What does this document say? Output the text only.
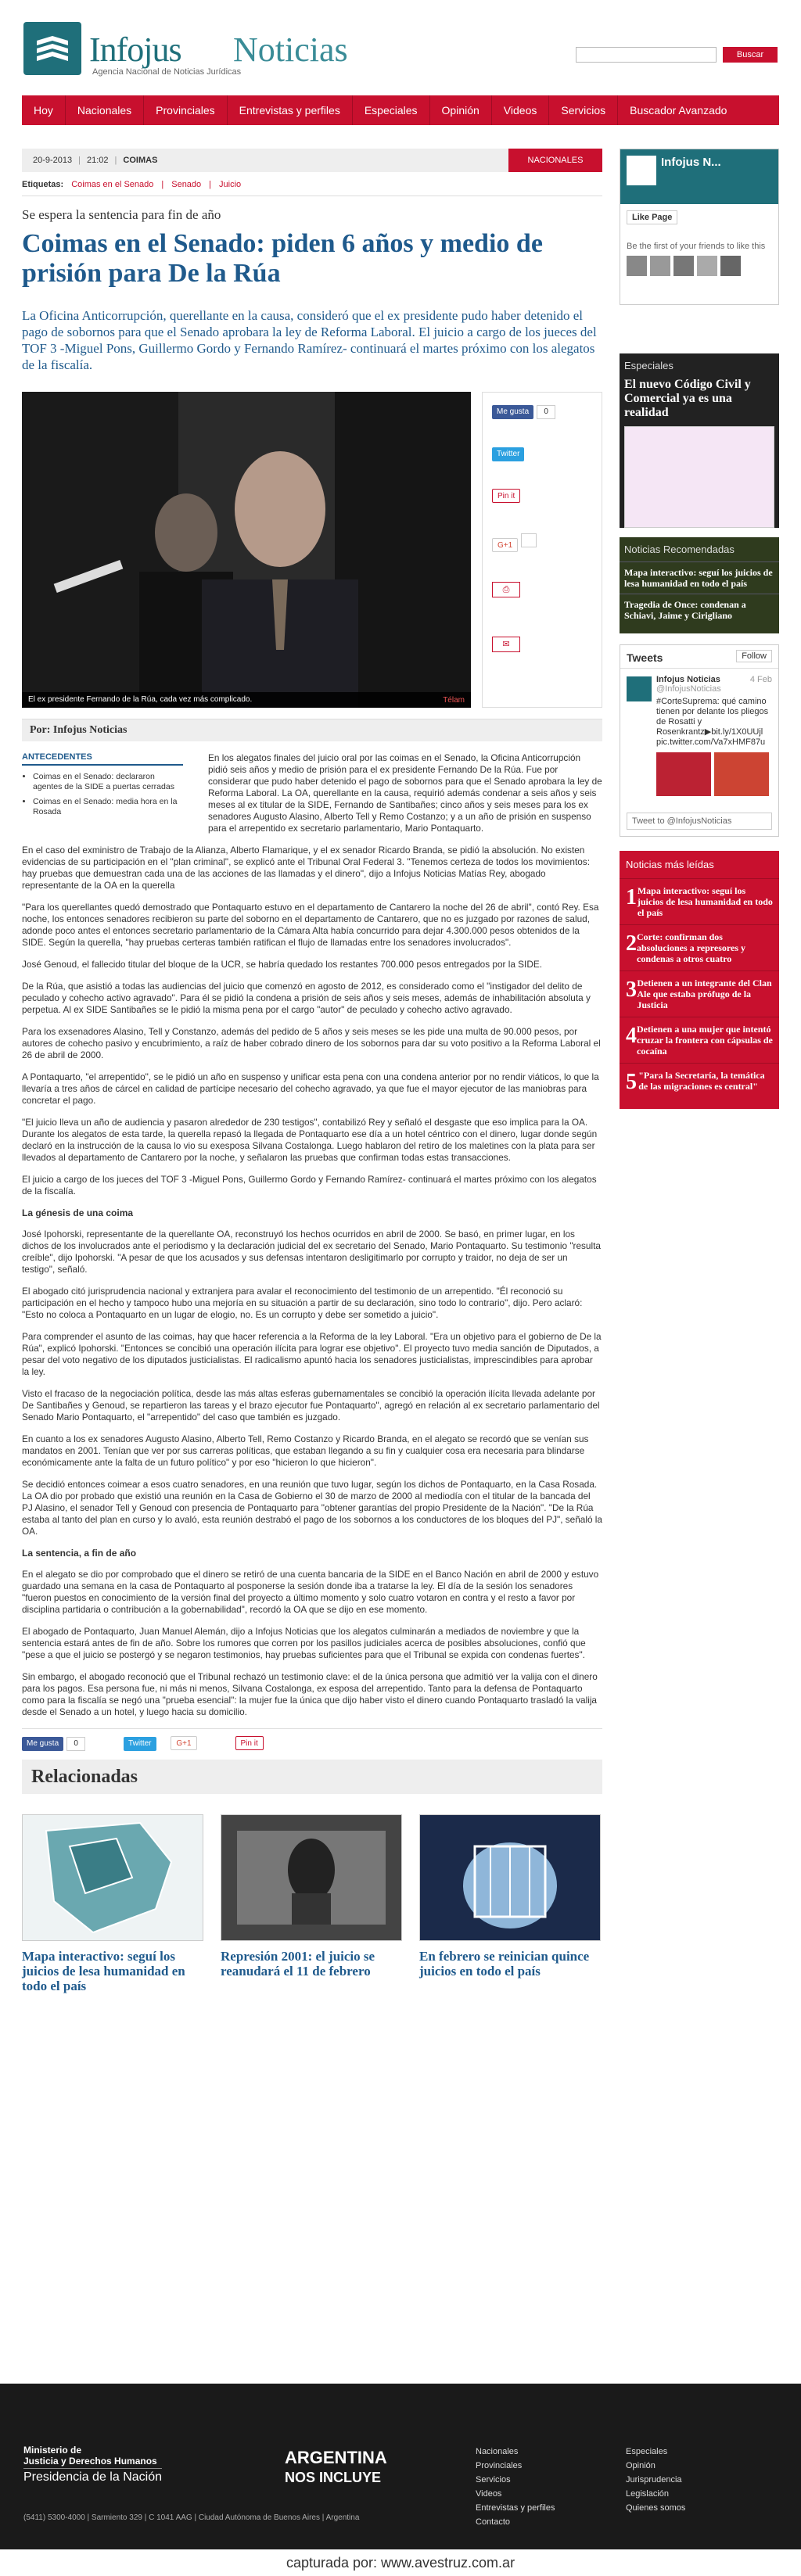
Infojus Noticias
Agencia Nacional de Noticias Jurídicas
Buscar
Hoy	Nacionales	Provinciales	Entrevistas y perfiles	Especiales	Opinión	Videos	Servicios	Buscador Avanzado
20-9-2013 | 21:02 | COIMAS	NACIONALES
Etiquetas: Coimas en el Senado | Senado | Juicio
Se espera la sentencia para fin de año
Coimas en el Senado: piden 6 años y medio de prisión para De la Rúa
La Oficina Anticorrupción, querellante en la causa, consideró que el ex presidente pudo haber detenido el pago de sobornos para que el Senado aprobara la ley de Reforma Laboral. El juicio a cargo de los jueces del TOF 3 -Miguel Pons, Guillermo Gordo y Fernando Ramírez- continuará el martes próximo con los alegatos de la fiscalía.
El ex presidente Fernando de la Rúa, cada vez más complicado.	Télam
Me gusta 0
Twitter
Pin it
G+1
⎙
✉
Por: Infojus Noticias
ANTECEDENTES
• Coimas en el Senado: declararon agentes de la SIDE a puertas cerradas
• Coimas en el Senado: media hora en la Rosada

En los alegatos finales del juicio oral por las coimas en el Senado, la Oficina Anticorrupción pidió seis años y medio de prisión para el ex presidente Fernando De la Rúa. Fue por considerar que pudo haber detenido el pago de sobornos para que el Senado aprobara la ley de Reforma Laboral. La OA, querellante en la causa, requirió además condenar a seis años y seis meses al ex titular de la SIDE, Fernando de Santibañes; cinco años y seis meses para los ex senadores Augusto Alasino, Alberto Tell y Remo Costanzo; y a un año de prisión en suspenso para el arrepentido ex secretario parlamentario, Mario Pontaquarto.

En el caso del exministro de Trabajo de la Alianza, Alberto Flamarique, y el ex senador Ricardo Branda, se pidió la absolución. No existen evidencias de su participación en el "plan criminal", se explicó ante el Tribunal Oral Federal 3. "Tenemos certeza de todos los movimientos: hay pruebas que demuestran cada una de las acciones de las llamadas y el dinero", dijo a Infojus Noticias Matías Rey, abogado representante de la OA en la querella

"Para los querellantes quedó demostrado que Pontaquarto estuvo en el departamento de Cantarero la noche del 26 de abril", contó Rey. Esa noche, los entonces senadores recibieron su parte del soborno en el departamento de Cantarero, que no es juzgado por razones de salud, adonde poco antes el entonces secretario parlamentario de la Cámara Alta había concurrido para dejar 4.300.000 pesos obtenidos de la SIDE. Según la querella, "hay pruebas certeras también ratifican el flujo de llamadas entre los senadores involucrados".

José Genoud, el fallecido titular del bloque de la UCR, se habría quedado los restantes 700.000 pesos entregados por la SIDE.

De la Rúa, que asistió a todas las audiencias del juicio que comenzó en agosto de 2012, es considerado como el "instigador del delito de peculado y cohecho activo agravado". Para él se pidió la condena a prisión de seis años y seis meses, además de inhabilitación absoluta y perpetua. Al ex SIDE Santibañes se le pidió la misma pena por el cargo "autor" de peculado y cohecho activo agravado.

Para los exsenadores Alasino, Tell y Constanzo, además del pedido de 5 años y seis meses se les pide una multa de 90.000 pesos, por autores de cohecho pasivo y encubrimiento, a raíz de haber cobrado dinero de los sobornos para dar su voto positivo a la Reforma Laboral el 26 de abril de 2000.

A Pontaquarto, "el arrepentido", se le pidió un año en suspenso y unificar esta pena con una condena anterior por no rendir viáticos, lo que la llevaría a tres años de cárcel en calidad de partícipe necesario del cohecho agravado, ya que fue el mayor ejecutor de las maniobras para concretar el pago.

"El juicio lleva un año de audiencia y pasaron alrededor de 230 testigos", contabilizó Rey y señaló el desgaste que eso implica para la OA. Durante los alegatos de esta tarde, la querella repasó la llegada de Pontaquarto ese día a un hotel céntrico con el dinero, lugar donde según declaró en la instrucción de la causa lo vio su exesposa Silvana Costalonga. Luego hablaron del retiro de los maletines con la plata para ser llevados al departamento de Cantarero por la noche, y señalaron las pruebas que confirman todas estas transacciones.

El juicio a cargo de los jueces del TOF 3 -Miguel Pons, Guillermo Gordo y Fernando Ramírez- continuará el martes próximo con los alegatos de la fiscalía.

La génesis de una coima

José Ipohorski, representante de la querellante OA, reconstruyó los hechos ocurridos en abril de 2000. Se basó, en primer lugar, en los dichos de los involucrados ante el periodismo y la declaración judicial del ex secretario del Senado, Mario Pontaquarto. Su testimonio "resulta creíble", dijo Ipohorski. "A pesar de que los acusados y sus defensas intentaron desligitimarlo por corrupto y traidor, no deja de ser un testigo", señaló.

El abogado citó jurisprudencia nacional y extranjera para avalar el reconocimiento del testimonio de un arrepentido. "Él reconoció su participación en el hecho y tampoco hubo una mejoría en su situación a partir de su declaración, sino todo lo contrario", dijo. Pero aclaró: "Esto no coloca a Pontaquarto en un lugar de elogio, no. Es un corrupto y debe ser sometido a juicio".

Para comprender el asunto de las coimas, hay que hacer referencia a la Reforma de la ley Laboral. "Era un objetivo para el gobierno de De la Rúa", explicó Ipohorski. "Entonces se concibió una operación ilícita para lograr ese objetivo". El proyecto tuvo media sanción de Diputados, a pesar del voto negativo de los diputados justicialistas. El radicalismo apuntó hacia los senadores justicialistas, imprescindibles para aprobar la ley.

Visto el fracaso de la negociación política, desde las más altas esferas gubernamentales se concibió la operación ilícita llevada adelante por De Santibañes y Genoud, se repartieron las tareas y el brazo ejecutor fue Pontaquarto", agregó en relación al ex secretario parlamentario del Senado Mario Pontaquarto, el "arrepentido" del caso que también es juzgado.

En cuanto a los ex senadores Augusto Alasino, Alberto Tell, Remo Costanzo y Ricardo Branda, en el alegato se recordó que se venían sus mandatos en 2001. Tenían que ver por sus carreras políticas, que estaban llegando a su fin y cualquier cosa era necesaria para blindarse económicamente ante la falta de un futuro político" y por eso "hicieron lo que hicieron".

Se decidió entonces coimear a esos cuatro senadores, en una reunión que tuvo lugar, según los dichos de Pontaquarto, en la Casa Rosada. La OA dio por probado que existió una reunión en la Casa de Gobierno el 30 de marzo de 2000 al mediodía con el titular de la bancada del PJ Alasino, el senador Tell y Genoud con presencia de Pontaquarto para "obtener garantías del propio Presidente de la Nación". "De la Rúa estaba al tanto del plan en curso y lo avaló, esta reunión destrabó el pago de los sobornos a los conductores de los bloques del PJ", señaló la OA.

La sentencia, a fin de año

En el alegato se dio por comprobado que el dinero se retiró de una cuenta bancaria de la SIDE en el Banco Nación en abril de 2000 y estuvo guardado una semana en la casa de Pontaquarto al posponerse la sesión donde iba a tratarse la ley. El día de la sesión los senadores "fueron puestos en conocimiento de la versión final del proyecto a último momento y solo cuatro votaron en contra y el resto a favor por disciplina partidaria o contribución a la gobernabilidad", recordó la OA que se dijo en ese momento.

El abogado de Pontaquarto, Juan Manuel Alemán, dijo a Infojus Noticias que los alegatos culminarán a mediados de noviembre y que la sentencia estará antes de fin de año. Sobre los rumores que corren por los pasillos judiciales acerca de posibles absoluciones, confió que "pese a que el juicio se postergó y se negaron testimonios, hay pruebas suficientes para que el Tribunal se expida con condenas fuertes".

Sin embargo, el abogado reconoció que el Tribunal rechazó un testimonio clave: el de la única persona que admitió ver la valija con el dinero para los pagos. Esa persona fue, ni más ni menos, Silvana Costalonga, ex esposa del arrepentido. Tanto para la defensa de Pontaquarto como para la fiscalía se negó una "prueba esencial": la mujer fue la única que dijo haber visto el dinero cuando Pontaquarto trasladó la valija desde el Senado a un hotel, y luego hacia su domicilio.

Me gusta 0	Twitter	G+1	Pin it
Relacionadas
Mapa interactivo: seguí los juicios de lesa humanidad en todo el país
Represión 2001: el juicio se reanudará el 11 de febrero
En febrero se reinician quince juicios en todo el país
Infojus N...
Like Page
Be the first of your friends to like this
Especiales
El nuevo Código Civil y Comercial ya es una realidad
Noticias Recomendadas
Mapa interactivo: seguí los juicios de lesa humanidad en todo el país
Tragedia de Once: condenan a Schiavi, Jaime y Cirigliano
Tweets	Follow
Infojus Noticias	4 Feb
@InfojusNoticias
#CorteSuprema: qué camino tienen por delante los pliegos de Rosatti y Rosenkrantz▶bit.ly/1X0UUjl pic.twitter.com/Va7xHMF87u
Tweet to @InfojusNoticias
Noticias más leídas
1 Mapa interactivo: seguí los juicios de lesa humanidad en todo el país
2 Corte: confirman dos absoluciones a represores y condenas a otros cuatro
3 Detienen a un integrante del Clan Ale que estaba prófugo de la Justicia
4 Detienen a una mujer que intentó cruzar la frontera con cápsulas de cocaína
5 "Para la Secretaría, la temática de las migraciones es central"
Ministerio de
Justicia y Derechos Humanos
Presidencia de la Nación
ARGENTINA
NOS INCLUYE
(5411) 5300-4000 | Sarmiento 329 | C 1041 AAG | Ciudad Autónoma de Buenos Aires | Argentina
Nacionales
Provinciales
Servicios
Videos
Entrevistas y perfiles
Contacto
Especiales
Opinión
Jurisprudencia
Legislación
Quienes somos
capturada por: www.avestruz.com.ar
